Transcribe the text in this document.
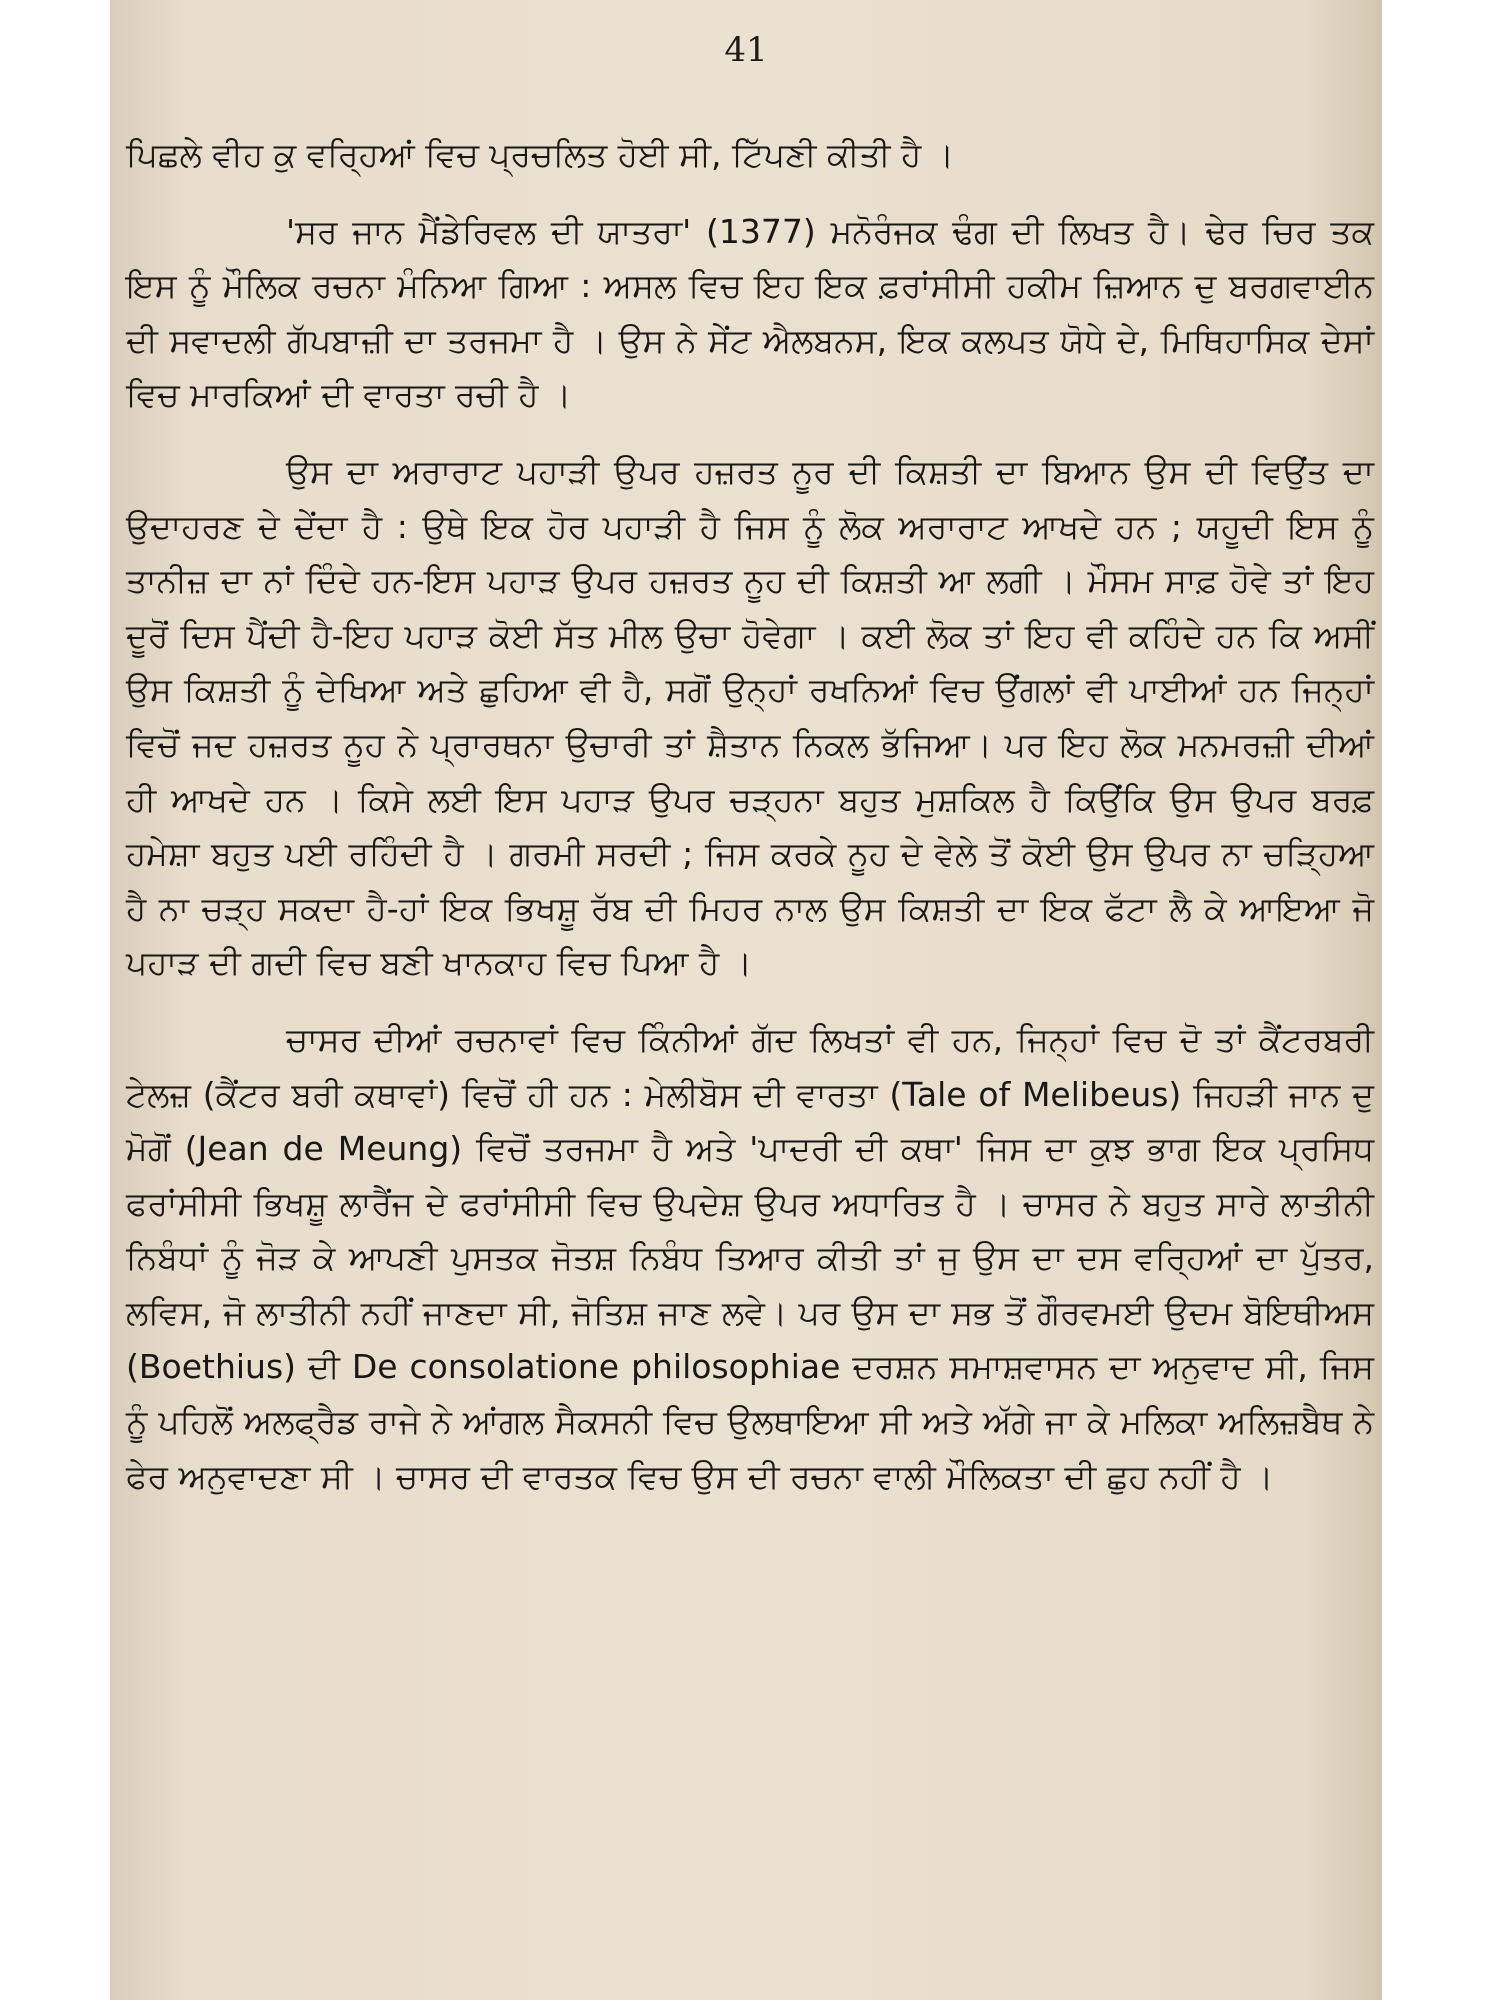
41

ਪਿਛਲੇ ਵੀਹ ਕੁ ਵਰ੍ਹਿਆਂ ਵਿਚ ਪ੍ਰਚਲਿਤ ਹੋਈ ਸੀ, ਟਿੱਪਣੀ ਕੀਤੀ ਹੈ ।

'ਸਰ ਜਾਨ ਮੈਂਡੇਰਿਵਲ ਦੀ ਯਾਤਰਾ' (1377) ਮਨੋਰੰਜਕ ਢੰਗ ਦੀ ਲਿਖਤ ਹੈ। ਢੇਰ ਚਿਰ ਤਕ ਇਸ ਨੂੰ ਮੌਲਿਕ ਰਚਨਾ ਮੰਨਿਆ ਗਿਆ : ਅਸਲ ਵਿਚ ਇਹ ਇਕ ਫ਼ਰਾਂਸੀਸੀ ਹਕੀਮ ਜ਼ਿਆਨ ਦੁ ਬਰਗਵਾਈਨ ਦੀ ਸਵਾਦਲੀ ਗੱਪਬਾਜ਼ੀ ਦਾ ਤਰਜਮਾ ਹੈ । ਉਸ ਨੇ ਸੇਂਟ ਐਲਬਨਸ, ਇਕ ਕਲਪਤ ਯੋਧੇ ਦੇ, ਮਿਥਿਹਾਸਿਕ ਦੇਸਾਂ ਵਿਚ ਮਾਰਕਿਆਂ ਦੀ ਵਾਰਤਾ ਰਚੀ ਹੈ ।

ਉਸ ਦਾ ਅਰਾਰਾਟ ਪਹਾੜੀ ਉਪਰ ਹਜ਼ਰਤ ਨੂਰ ਦੀ ਕਿਸ਼ਤੀ ਦਾ ਬਿਆਨ ਉਸ ਦੀ ਵਿਉਂਤ ਦਾ ਉਦਾਹਰਣ ਦੇ ਦੇਂਦਾ ਹੈ : ਉਥੇ ਇਕ ਹੋਰ ਪਹਾੜੀ ਹੈ ਜਿਸ ਨੂੰ ਲੋਕ ਅਰਾਰਾਟ ਆਖਦੇ ਹਨ ; ਯਹੂਦੀ ਇਸ ਨੂੰ ਤਾਨੀਜ਼ ਦਾ ਨਾਂ ਦਿੰਦੇ ਹਨ-ਇਸ ਪਹਾੜ ਉਪਰ ਹਜ਼ਰਤ ਨੂਹ ਦੀ ਕਿਸ਼ਤੀ ਆ ਲਗੀ । ਮੌਸਮ ਸਾਫ਼ ਹੋਵੇ ਤਾਂ ਇਹ ਦੂਰੋਂ ਦਿਸ ਪੈਂਦੀ ਹੈ-ਇਹ ਪਹਾੜ ਕੋਈ ਸੱਤ ਮੀਲ ਉਚਾ ਹੋਵੇਗਾ । ਕਈ ਲੋਕ ਤਾਂ ਇਹ ਵੀ ਕਹਿੰਦੇ ਹਨ ਕਿ ਅਸੀਂ ਉਸ ਕਿਸ਼ਤੀ ਨੂੰ ਦੇਖਿਆ ਅਤੇ ਛੁਹਿਆ ਵੀ ਹੈ, ਸਗੋਂ ਉਨ੍ਹਾਂ ਰਖਨਿਆਂ ਵਿਚ ਉਂਗਲਾਂ ਵੀ ਪਾਈਆਂ ਹਨ ਜਿਨ੍ਹਾਂ ਵਿਚੋਂ ਜਦ ਹਜ਼ਰਤ ਨੂਹ ਨੇ ਪ੍ਰਾਰਥਨਾ ਉਚਾਰੀ ਤਾਂ ਸ਼ੈਤਾਨ ਨਿਕਲ ਭੱਜਿਆ। ਪਰ ਇਹ ਲੋਕ ਮਨਮਰਜ਼ੀ ਦੀਆਂ ਹੀ ਆਖਦੇ ਹਨ । ਕਿਸੇ ਲਈ ਇਸ ਪਹਾੜ ਉਪਰ ਚੜ੍ਹਨਾ ਬਹੁਤ ਮੁਸ਼ਕਿਲ ਹੈ ਕਿਉਂਕਿ ਉਸ ਉਪਰ ਬਰਫ਼ ਹਮੇਸ਼ਾ ਬਹੁਤ ਪਈ ਰਹਿੰਦੀ ਹੈ । ਗਰਮੀ ਸਰਦੀ ; ਜਿਸ ਕਰਕੇ ਨੂਹ ਦੇ ਵੇਲੇ ਤੋਂ ਕੋਈ ਉਸ ਉਪਰ ਨਾ ਚੜ੍ਹਿਆ ਹੈ ਨਾ ਚੜ੍ਹ ਸਕਦਾ ਹੈ-ਹਾਂ ਇਕ ਭਿਖਸ਼ੂ ਰੱਬ ਦੀ ਮਿਹਰ ਨਾਲ ਉਸ ਕਿਸ਼ਤੀ ਦਾ ਇਕ ਫੱਟਾ ਲੈ ਕੇ ਆਇਆ ਜੋ ਪਹਾੜ ਦੀ ਗਦੀ ਵਿਚ ਬਣੀ ਖਾਨਕਾਹ ਵਿਚ ਪਿਆ ਹੈ ।

ਚਾਸਰ ਦੀਆਂ ਰਚਨਾਵਾਂ ਵਿਚ ਕਿੰਨੀਆਂ ਗੱਦ ਲਿਖਤਾਂ ਵੀ ਹਨ, ਜਿਨ੍ਹਾਂ ਵਿਚ ਦੋ ਤਾਂ ਕੈਂਟਰਬਰੀ ਟੇਲਜ਼ (ਕੈਂਟਰ ਬਰੀ ਕਥਾਵਾਂ) ਵਿਚੋਂ ਹੀ ਹਨ : ਮੇਲੀਬੋਸ ਦੀ ਵਾਰਤਾ (Tale of Melibeus) ਜਿਹੜੀ ਜਾਨ ਦੁ ਮੋਗੋਂ (Jean de Meung) ਵਿਚੋਂ ਤਰਜਮਾ ਹੈ ਅਤੇ 'ਪਾਦਰੀ ਦੀ ਕਥਾ' ਜਿਸ ਦਾ ਕੁਝ ਭਾਗ ਇਕ ਪ੍ਰਸਿਧ ਫਰਾਂਸੀਸੀ ਭਿਖਸ਼ੂ ਲਾਰੈਂਜ ਦੇ ਫਰਾਂਸੀਸੀ ਵਿਚ ਉਪਦੇਸ਼ ਉਪਰ ਅਧਾਰਿਤ ਹੈ । ਚਾਸਰ ਨੇ ਬਹੁਤ ਸਾਰੇ ਲਾਤੀਨੀ ਨਿਬੰਧਾਂ ਨੂੰ ਜੋੜ ਕੇ ਆਪਣੀ ਪੁਸਤਕ ਜੋਤਸ਼ ਨਿਬੰਧ ਤਿਆਰ ਕੀਤੀ ਤਾਂ ਜੁ ਉਸ ਦਾ ਦਸ ਵਰ੍ਹਿਆਂ ਦਾ ਪੁੱਤਰ, ਲਵਿਸ, ਜੋ ਲਾਤੀਨੀ ਨਹੀਂ ਜਾਣਦਾ ਸੀ, ਜੋਤਿਸ਼ ਜਾਣ ਲਵੇ। ਪਰ ਉਸ ਦਾ ਸਭ ਤੋਂ ਗੌਰਵਮਈ ਉਦਮ ਬੋਇਥੀਅਸ (Boethius) ਦੀ De consolatione philosophiae ਦਰਸ਼ਨ ਸਮਾਸ਼ਵਾਸਨ ਦਾ ਅਨੁਵਾਦ ਸੀ, ਜਿਸ ਨੂੰ ਪਹਿਲੋਂ ਅਲਫ੍ਰੈਡ ਰਾਜੇ ਨੇ ਆਂਗਲ ਸੈਕਸਨੀ ਵਿਚ ਉਲਥਾਇਆ ਸੀ ਅਤੇ ਅੱਗੇ ਜਾ ਕੇ ਮਲਿਕਾ ਅਲਿਜ਼ਬੈਥ ਨੇ ਫੇਰ ਅਨੁਵਾਦਣਾ ਸੀ । ਚਾਸਰ ਦੀ ਵਾਰਤਕ ਵਿਚ ਉਸ ਦੀ ਰਚਨਾ ਵਾਲੀ ਮੌਲਿਕਤਾ ਦੀ ਛੁਹ ਨਹੀਂ ਹੈ ।
